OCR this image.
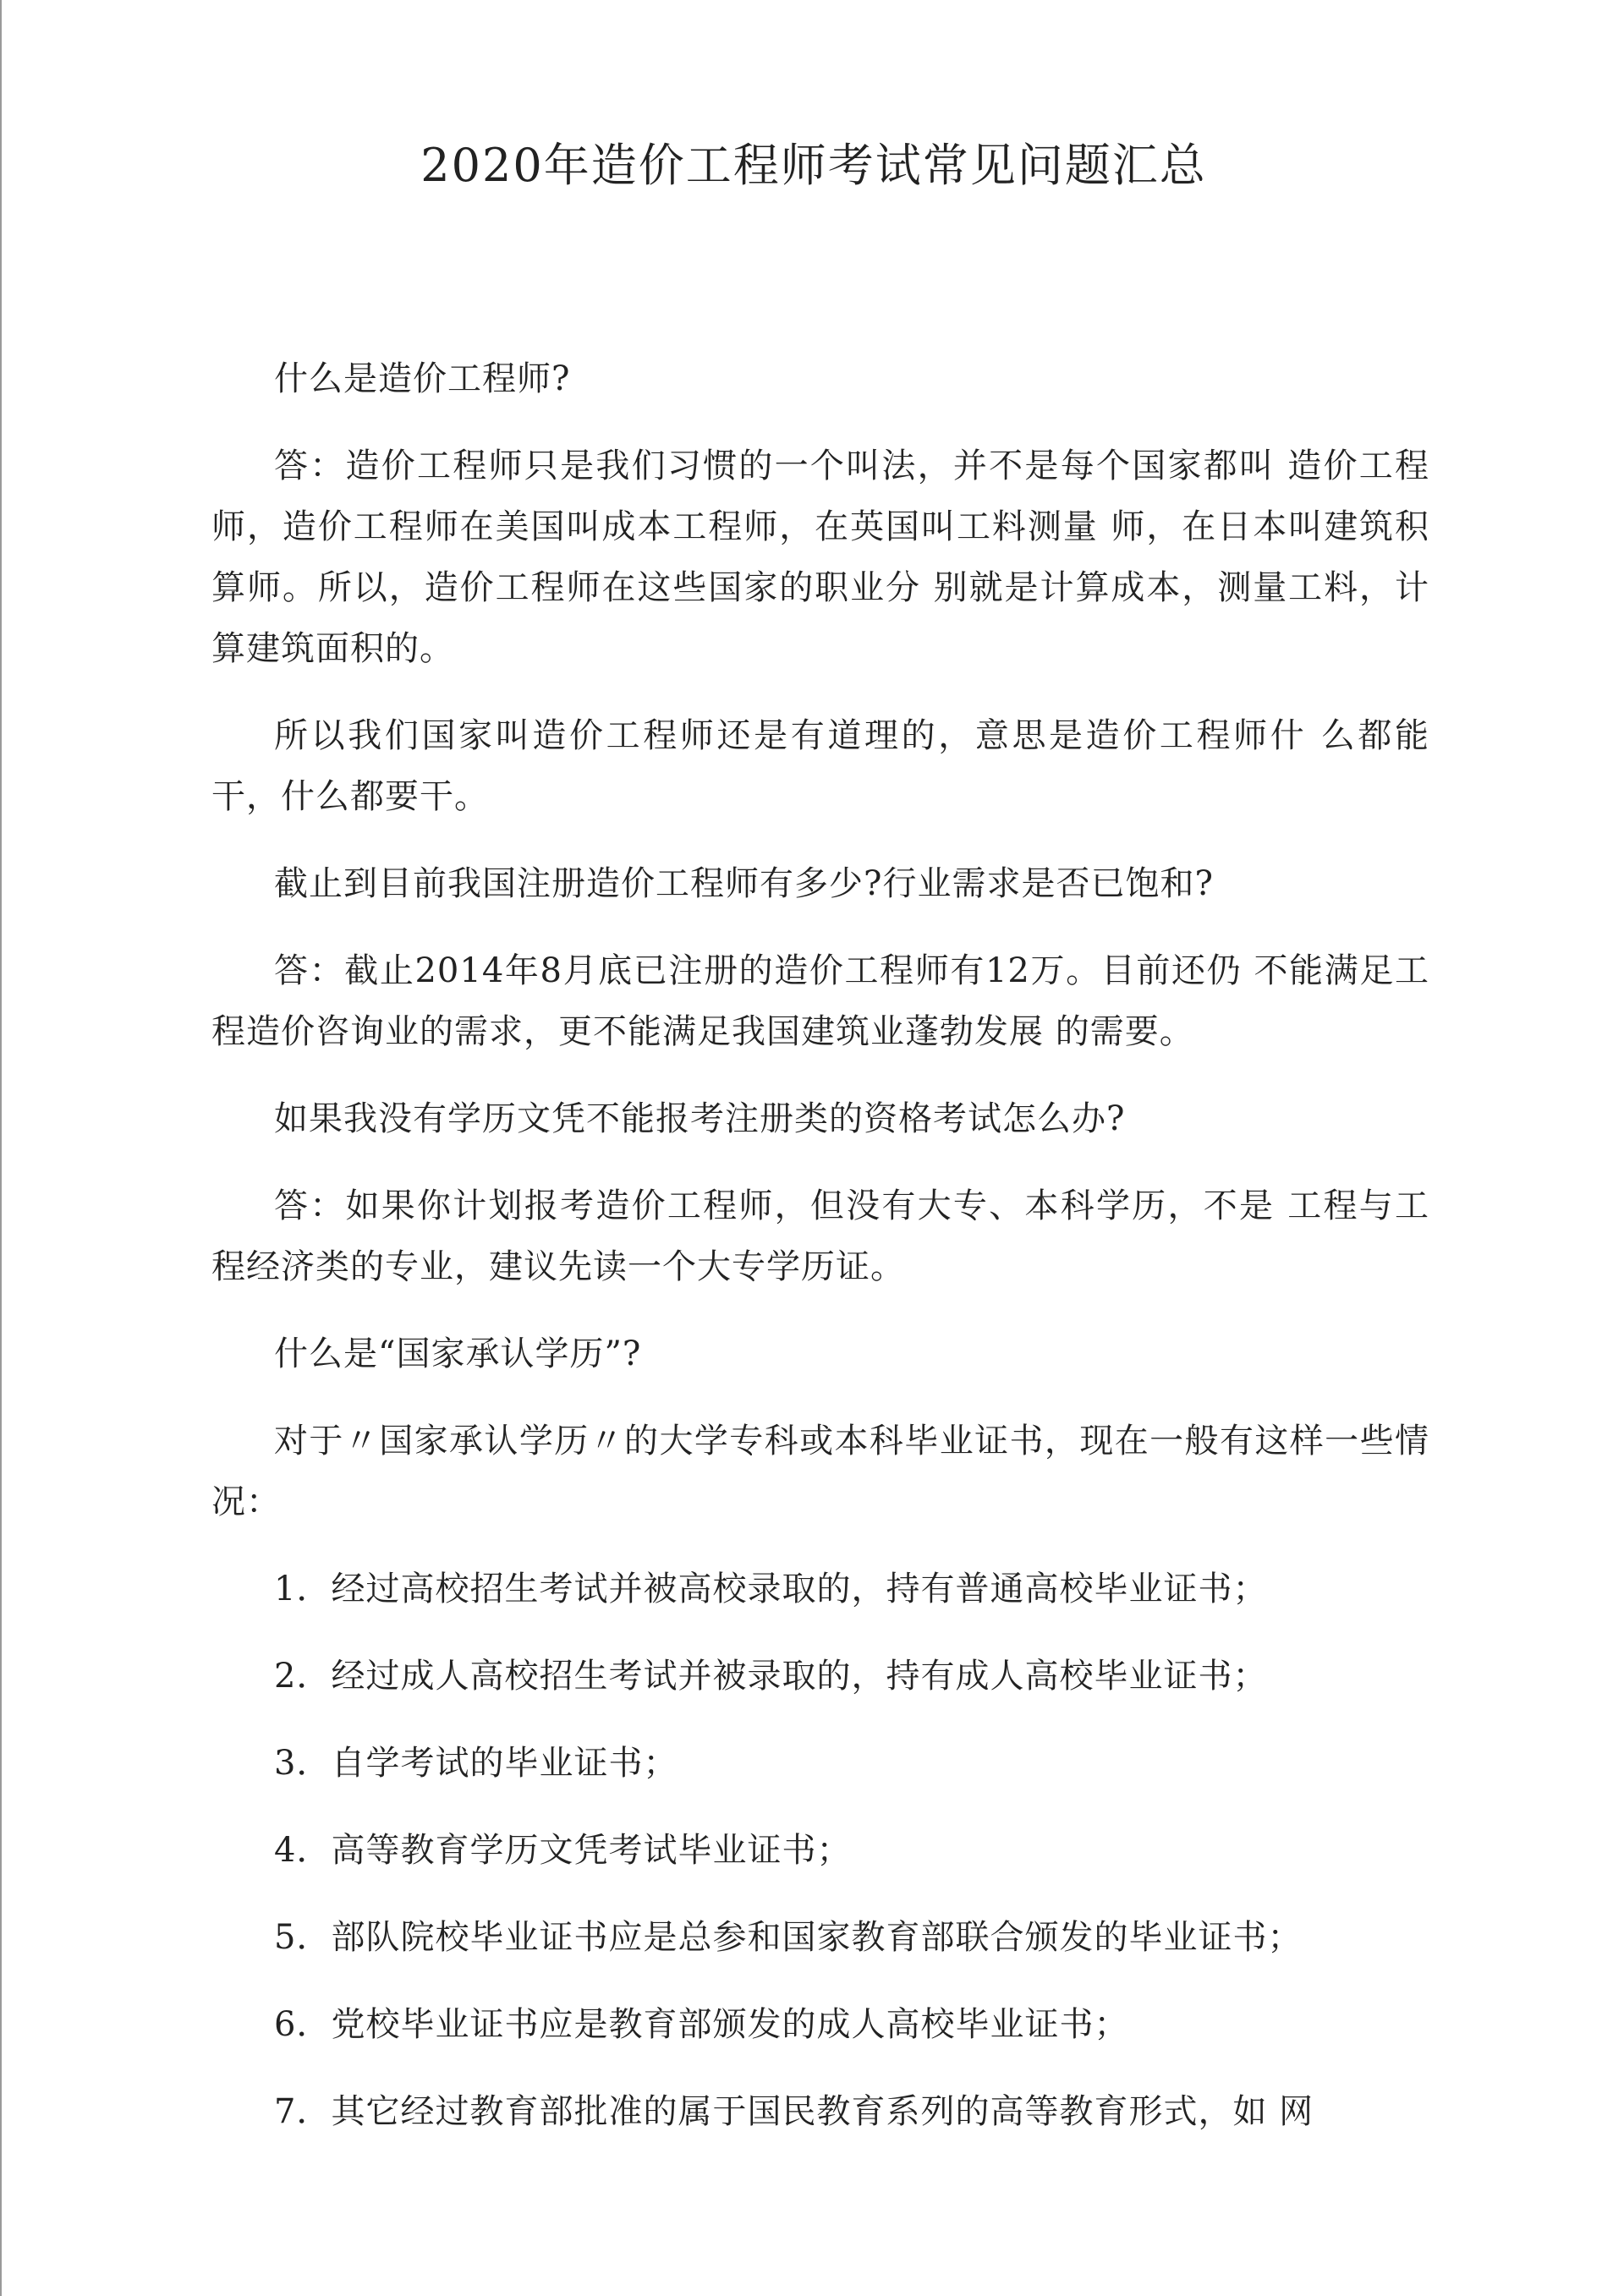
2020年造价工程师考试常见问题汇总

什么是造价工程师?

答：造价工程师只是我们习惯的一个叫法，并不是每个国家都叫 造价工程师，造价工程师在美国叫成本工程师，在英国叫工料测量 师，在日本叫建筑积算师。所以，造价工程师在这些国家的职业分 别就是计算成本，测量工料，计算建筑面积的。

所以我们国家叫造价工程师还是有道理的，意思是造价工程师什 么都能干，什么都要干。

截止到目前我国注册造价工程师有多少?行业需求是否已饱和?

答：截止2014年8月底已注册的造价工程师有12万。目前还仍 不能满足工程造价咨询业的需求，更不能满足我国建筑业蓬勃发展 的需要。

如果我没有学历文凭不能报考注册类的资格考试怎么办?

答：如果你计划报考造价工程师，但没有大专、本科学历，不是 工程与工程经济类的专业，建议先读一个大专学历证。

什么是“国家承认学历”?

对于〃国家承认学历〃的大学专科或本科毕业证书，现在一般有这样一些情况：

1．经过高校招生考试并被高校录取的，持有普通高校毕业证书；

2．经过成人高校招生考试并被录取的，持有成人高校毕业证书；

3．自学考试的毕业证书；

4．高等教育学历文凭考试毕业证书；

5．部队院校毕业证书应是总参和国家教育部联合颁发的毕业证书；

6．党校毕业证书应是教育部颁发的成人高校毕业证书；

7．其它经过教育部批准的属于国民教育系列的高等教育形式，如 网
